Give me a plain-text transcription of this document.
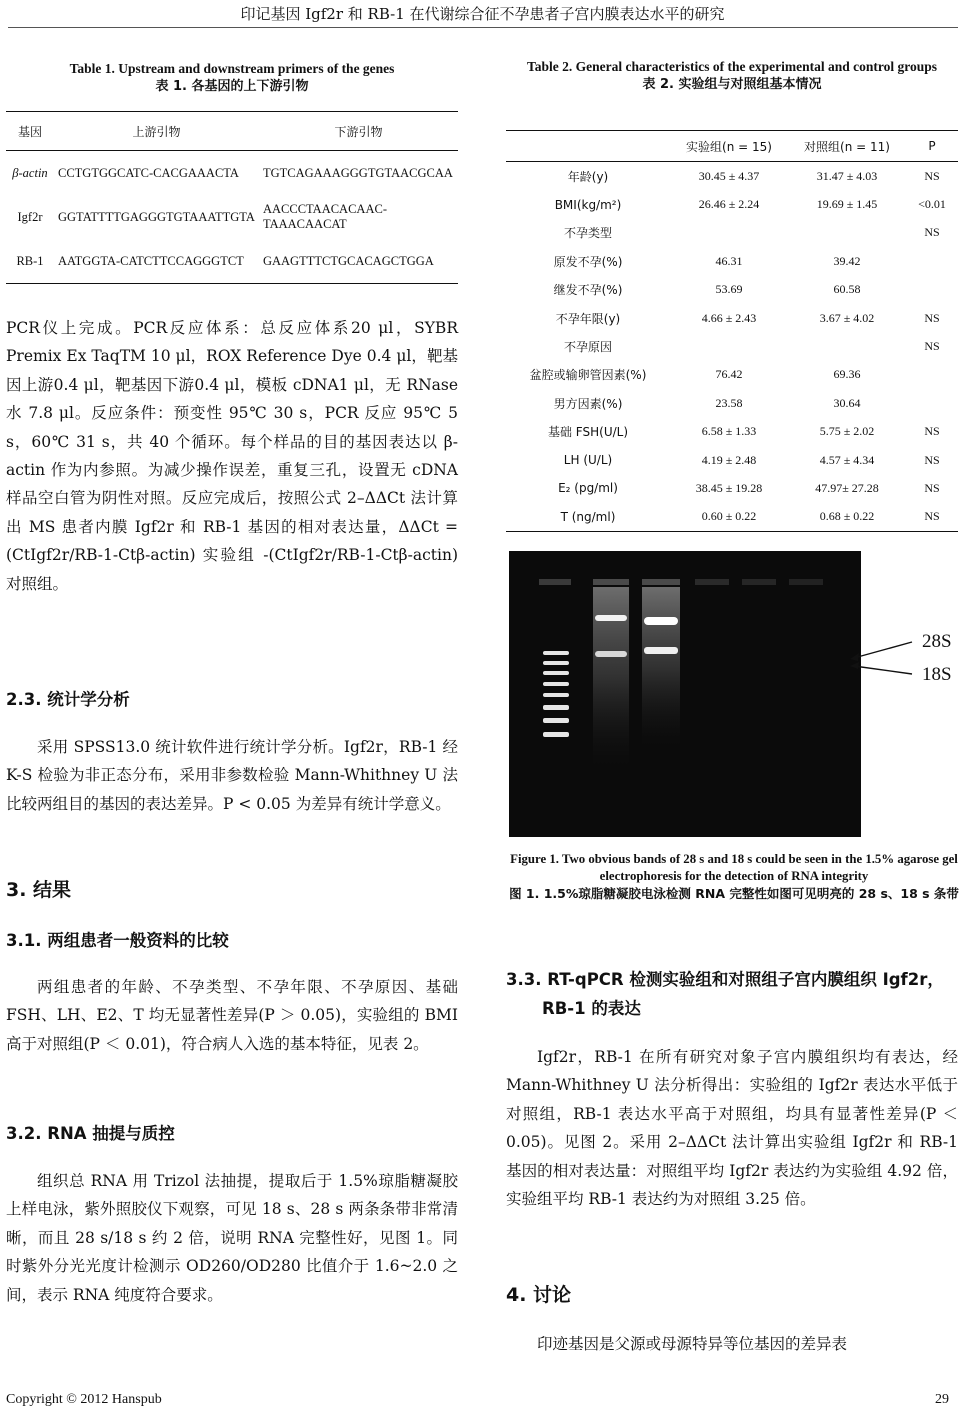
印记基因 Igf2r 和 RB-1 在代谢综合征不孕患者子宫内膜表达水平的研究
Table 1. Upstream and downstream primers of the genes
表 1. 各基因的上下游引物
基因	上游引物	下游引物
β-actin	CCTGTGGCATC-CACGAAACTA	TGTCAGAAAGGGTGTAACGCAA
Igf2r	GGTATTTTGAGGGTGTAAATTGTA	AACCCTAACACAAC-TAAACAACAT
RB-1	AATGGTA-CATCTTCCAGGGTCT	GAAGTTTCTGCACAGCTGGA
PCR仪上完成。PCR反应体系：总反应体系20 μl，SYBR Premix Ex TaqTM 10 μl，ROX Reference Dye 0.4 μl，靶基因上游0.4 μl，靶基因下游0.4 μl，模板 cDNA1 μl，无 RNase 水 7.8 μl。反应条件：预变性 95℃ 30 s，PCR 反应 95℃ 5 s，60℃ 31 s，共 40 个循环。每个样品的目的基因表达以 β-actin 作为内参照。为减少操作误差，重复三孔，设置无 cDNA 样品空白管为阴性对照。反应完成后，按照公式 2–ΔΔCt 法计算出 MS 患者内膜 Igf2r 和 RB-1 基因的相对表达量，ΔΔCt = (CtIgf2r/RB-1-Ctβ-actin) 实验组 -(CtIgf2r/RB-1-Ctβ-actin) 对照组。
2.3. 统计学分析
采用 SPSS13.0 统计软件进行统计学分析。Igf2r，RB-1 经 K-S 检验为非正态分布，采用非参数检验 Mann-Whithney U 法比较两组目的基因的表达差异。P < 0.05 为差异有统计学意义。
3. 结果
3.1. 两组患者一般资料的比较
两组患者的年龄、不孕类型、不孕年限、不孕原因、基础 FSH、LH、E2、T 均无显著性差异(P ＞ 0.05)，实验组的 BMI 高于对照组(P ＜ 0.01)，符合病人入选的基本特征，见表 2。
3.2. RNA 抽提与质控
组织总 RNA 用 Trizol 法抽提，提取后于 1.5%琼脂糖凝胶上样电泳，紫外照胶仪下观察，可见 18 s、28 s 两条条带非常清晰，而且 28 s/18 s 约 2 倍，说明 RNA 完整性好，见图 1。同时紫外分光光度计检测示 OD260/OD280 比值介于 1.6~2.0 之间，表示 RNA 纯度符合要求。
Table 2. General characteristics of the experimental and control groups
表 2. 实验组与对照组基本情况
	实验组(n = 15)	对照组(n = 11)	P
年龄(y)	30.45 ± 4.37	31.47 ± 4.03	NS
BMI(kg/m²)	26.46 ± 2.24	19.69 ± 1.45	<0.01
不孕类型			NS
原发不孕(%)	46.31	39.42	
继发不孕(%)	53.69	60.58	
不孕年限(y)	4.66 ± 2.43	3.67 ± 4.02	NS
不孕原因			NS
盆腔或输卵管因素(%)	76.42	69.36	
男方因素(%)	23.58	30.64	
基础 FSH(U/L)	6.58 ± 1.33	5.75 ± 2.02	NS
LH (U/L)	4.19 ± 2.48	4.57 ± 4.34	NS
E₂ (pg/ml)	38.45 ± 19.28	47.97± 27.28	NS
T (ng/ml)	0.60 ± 0.22	0.68 ± 0.22	NS
28S
18S
Figure 1. Two obvious bands of 28 s and 18 s could be seen in the 1.5% agarose gel electrophoresis for the detection of RNA integrity
图 1. 1.5%琼脂糖凝胶电泳检测 RNA 完整性如图可见明亮的 28 s、18 s 条带
3.3. RT-qPCR 检测实验组和对照组子宫内膜组织 Igf2r，RB-1 的表达
Igf2r，RB-1 在所有研究对象子宫内膜组织均有表达，经 Mann-Whithney U 法分析得出：实验组的 Igf2r 表达水平低于对照组，RB-1 表达水平高于对照组，均具有显著性差异(P ＜ 0.05)。见图 2。采用 2–ΔΔCt 法计算出实验组 Igf2r 和 RB-1 基因的相对表达量：对照组平均 Igf2r 表达约为实验组 4.92 倍，实验组平均 RB-1 表达约为对照组 3.25 倍。
4. 讨论
印迹基因是父源或母源特异等位基因的差异表
Copyright © 2012 Hanspub	29
